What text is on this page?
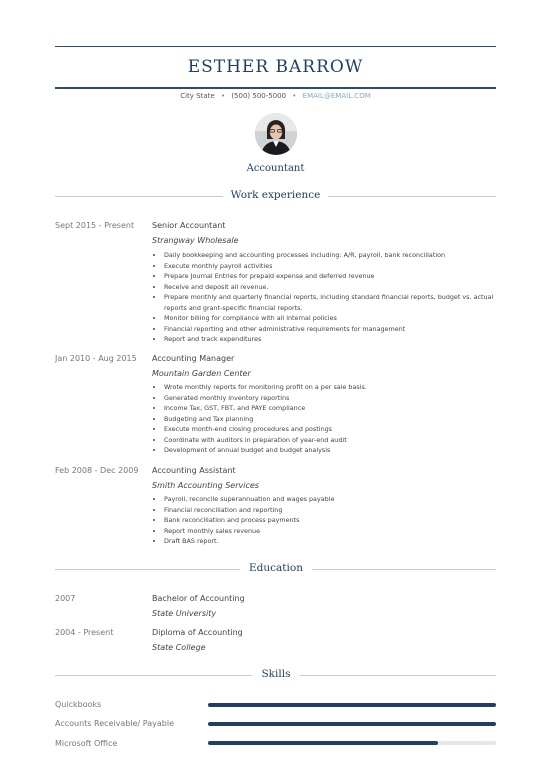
ESTHER BARROW
City State • (500) 500-5000 • EMAIL@EMAIL.COM
Accountant
Work experience
Sept 2015 - Present Senior Accountant
Strangway Wholesale
• Daily bookkeeping and accounting processes including: A/R, payroll, bank reconciliation
• Execute monthly payroll activities
• Prepare Journal Entries for prepaid expense and deferred revenue
• Receive and deposit all revenue.
• Prepare monthly and quarterly financial reports, including standard financial reports, budget vs. actual reports and grant-specific financial reports.
• Monitor billing for compliance with all internal policies
• Financial reporting and other administrative requirements for management
• Report and track expenditures
Jan 2010 - Aug 2015 Accounting Manager
Mountain Garden Center
• Wrote monthly reports for monitoring profit on a per sale basis.
• Generated monthly inventory reportins
• Income Tax, GST, FBT, and PAYE compliance
• Budgeting and Tax planning
• Execute month-end closing procedures and postings
• Coordinate with auditors in preparation of year-end audit
• Development of annual budget and budget analysis
Feb 2008 - Dec 2009 Accounting Assistant
Smith Accounting Services
• Payroll, reconcile superannuation and wages payable
• Financial reconciliation and reporting
• Bank reconciliation and process payments
• Report monthly sales revenue
• Draft BAS report.
Education
2007	Bachelor of Accounting
State University
2004 - Present	Diploma of Accounting
State College
Skills
Quickbooks
Accounts Receivable/ Payable
Microsoft Office
